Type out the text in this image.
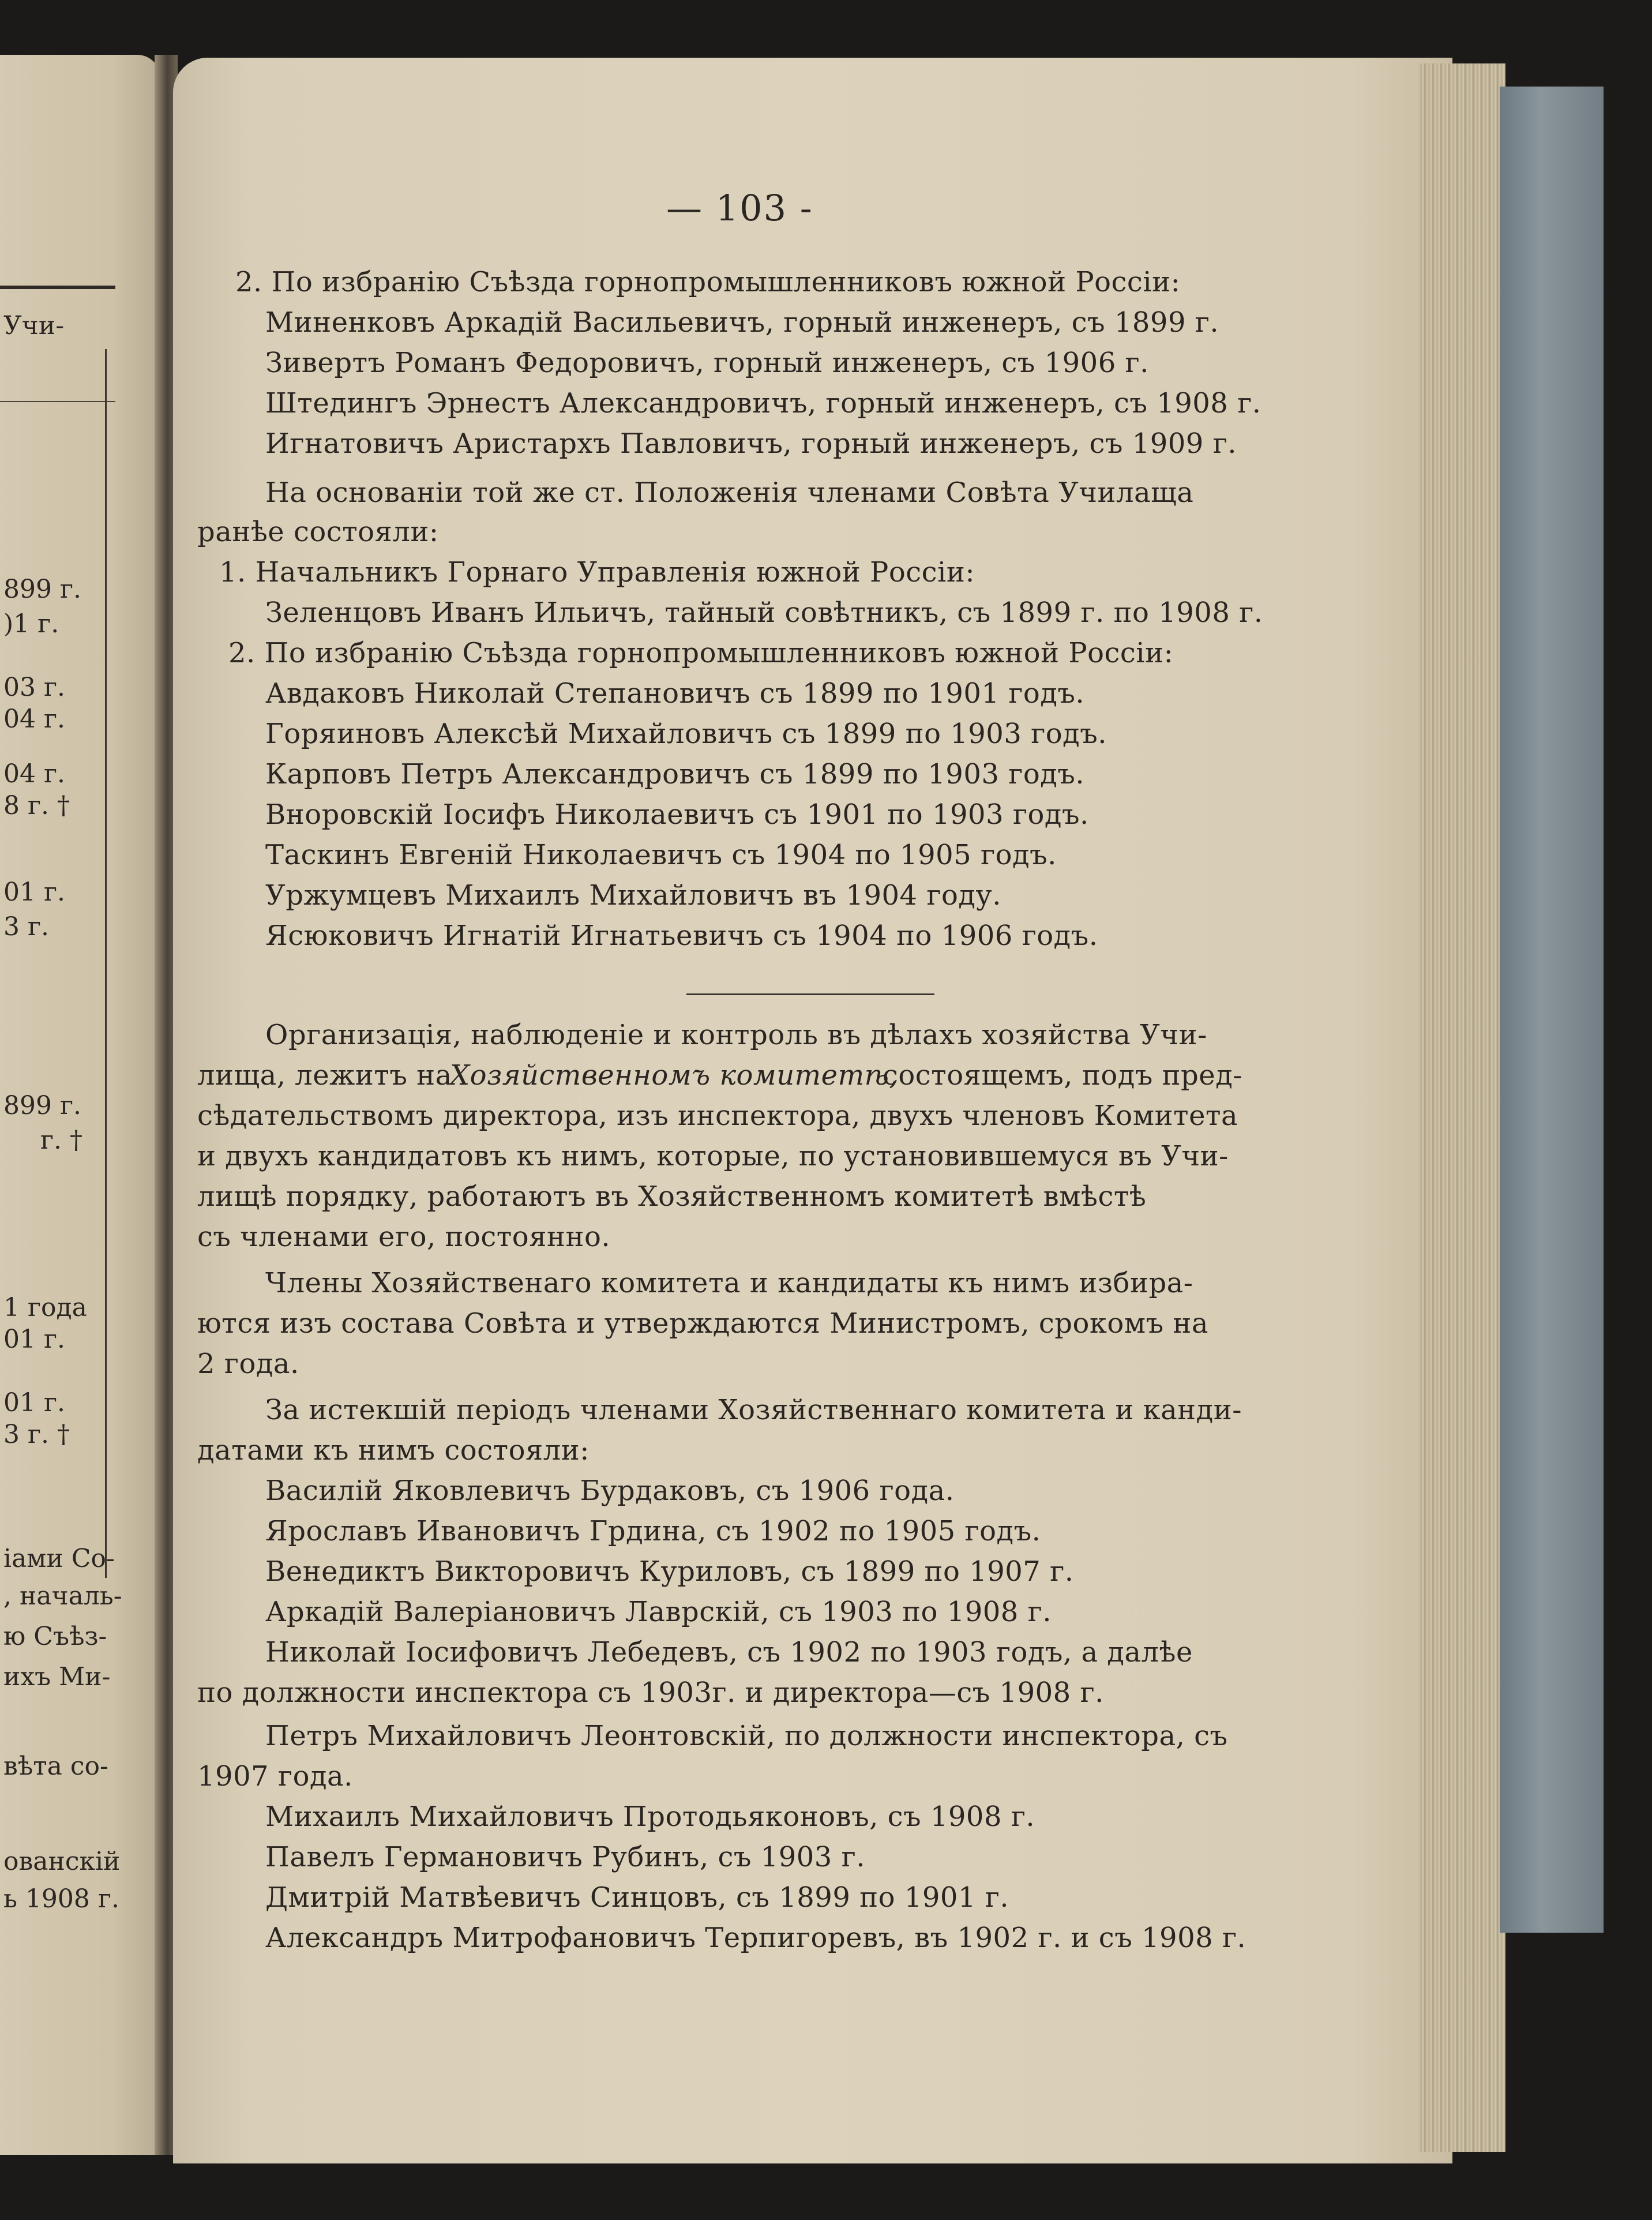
Учи-
899 г.
)1 г.
03 г.
04 г.
04 г.
8 г. †
01 г.
3 г.
899 г.
г. †
1 года
01 г.
01 г.
3 г. †
іами Со-
, началь-
ю Съѣз-
ихъ Ми-
вѣта со-
ованскій
ь 1908 г.
— 103 -
2. По избранію Съѣзда горнопромышленниковъ южной Россіи:
Миненковъ Аркадій Васильевичъ, горный инженеръ, съ 1899 г.
Зивертъ Романъ Федоровичъ, горный инженеръ, съ 1906 г.
Штедингъ Эрнестъ Александровичъ, горный инженеръ, съ 1908 г.
Игнатовичъ Аристархъ Павловичъ, горный инженеръ, съ 1909 г.
На основаніи той же ст. Положенія членами Совѣта Училаща
ранѣе состояли:
1. Начальникъ Горнаго Управленія южной Россіи:
Зеленцовъ Иванъ Ильичъ, тайный совѣтникъ, съ 1899 г. по 1908 г.
2. По избранію Съѣзда горнопромышленниковъ южной Россіи:
Авдаковъ Николай Степановичъ съ 1899 по 1901 годъ.
Горяиновъ Алексѣй Михайловичъ съ 1899 по 1903 годъ.
Карповъ Петръ Александровичъ съ 1899 по 1903 годъ.
Вноровскій Іосифъ Николаевичъ съ 1901 по 1903 годъ.
Таскинъ Евгеній Николаевичъ съ 1904 по 1905 годъ.
Уржумцевъ Михаилъ Михайловичъ въ 1904 году.
Ясюковичъ Игнатій Игнатьевичъ съ 1904 по 1906 годъ.
Организація, наблюденіе и контроль въ дѣлахъ хозяйства Учи-
лища, лежитъ на
Хозяйственномъ комитетѣ,
состоящемъ, подъ пред-
сѣдательствомъ директора, изъ инспектора, двухъ членовъ Комитета
и двухъ кандидатовъ къ нимъ, которые, по установившемуся въ Учи-
лищѣ порядку, работаютъ въ Хозяйственномъ комитетѣ вмѣстѣ
съ членами его, постоянно.
Члены Хозяйственаго комитета и кандидаты къ нимъ избира-
ются изъ состава Совѣта и утверждаются Министромъ, срокомъ на
2 года.
За истекшій періодъ членами Хозяйственнаго комитета и канди-
датами къ нимъ состояли:
Василій Яковлевичъ Бурдаковъ, съ 1906 года.
Ярославъ Ивановичъ Грдина, съ 1902 по 1905 годъ.
Венедиктъ Викторовичъ Куриловъ, съ 1899 по 1907 г.
Аркадій Валеріановичъ Лаврскій, съ 1903 по 1908 г.
Николай Іосифовичъ Лебедевъ, съ 1902 по 1903 годъ, а далѣе
по должности инспектора съ 1903г. и директора—съ 1908 г.
Петръ Михайловичъ Леонтовскій, по должности инспектора, съ
1907 года.
Михаилъ Михайловичъ Протодьяконовъ, съ 1908 г.
Павелъ Германовичъ Рубинъ, съ 1903 г.
Дмитрій Матвѣевичъ Синцовъ, съ 1899 по 1901 г.
Александръ Митрофановичъ Терпигоревъ, въ 1902 г. и съ 1908 г.
